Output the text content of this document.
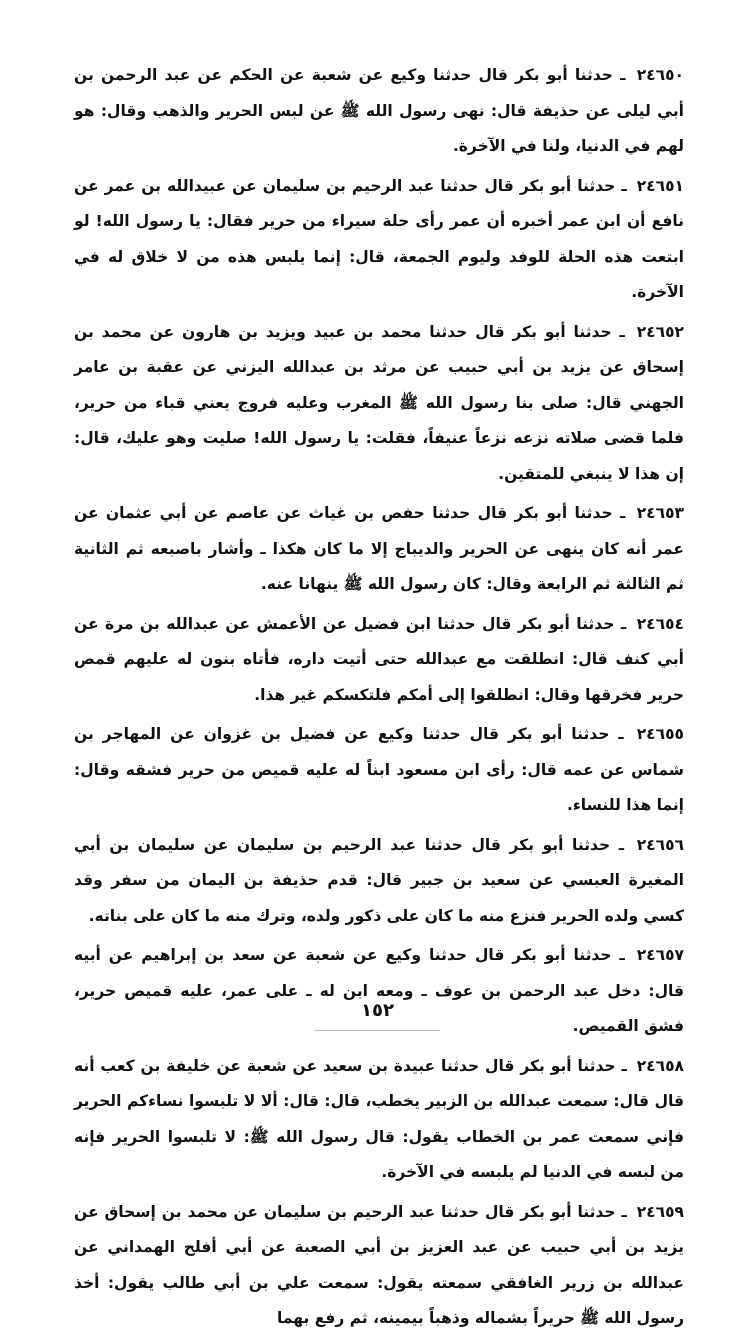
٢٤٦٥٠ ـ حدثنا أبو بكر قال حدثنا وكيع عن شعبة عن الحكم عن عبد الرحمن بن أبي ليلى عن حذيفة قال: نهى رسول الله ﷺ عن لبس الحرير والذهب وقال: هو لهم في الدنيا، ولنا في الآخرة.

٢٤٦٥١ ـ حدثنا أبو بكر قال حدثنا عبد الرحيم بن سليمان عن عبيدالله بن عمر عن نافع أن ابن عمر أخبره أن عمر رأى حلة سيراء من حرير فقال: يا رسول الله! لو ابتعت هذه الحلة للوفد وليوم الجمعة، قال: إنما يلبس هذه من لا خلاق له في الآخرة.

٢٤٦٥٢ ـ حدثنا أبو بكر قال حدثنا محمد بن عبيد ويزيد بن هارون عن محمد بن إسحاق عن يزيد بن أبي حبيب عن مرثد بن عبدالله اليزني عن عقبة بن عامر الجهني قال: صلى بنا رسول الله ﷺ المغرب وعليه فروج يعني قباء من حرير، فلما قضى صلاته نزعه نزعاً عنيفاً، فقلت: يا رسول الله! صليت وهو عليك، قال: إن هذا لا ينبغي للمتقين.

٢٤٦٥٣ ـ حدثنا أبو بكر قال حدثنا حفص بن غياث عن عاصم عن أبي عثمان عن عمر أنه كان ينهى عن الحرير والديباج إلا ما كان هكذا ـ وأشار باصبعه ثم الثانية ثم الثالثة ثم الرابعة وقال: كان رسول الله ﷺ ينهانا عنه.

٢٤٦٥٤ ـ حدثنا أبو بكر قال حدثنا ابن فضيل عن الأعمش عن عبدالله بن مرة عن أبي كنف قال: انطلقت مع عبدالله حتى أتيت داره، فأتاه بنون له عليهم قمص حرير فخرقها وقال: انطلقوا إلى أمكم فلتكسكم غير هذا.

٢٤٦٥٥ ـ حدثنا أبو بكر قال حدثنا وكيع عن فضيل بن غزوان عن المهاجر بن شماس عن عمه قال: رأى ابن مسعود ابناً له عليه قميص من حرير فشقه وقال: إنما هذا للنساء.

٢٤٦٥٦ ـ حدثنا أبو بكر قال حدثنا عبد الرحيم بن سليمان عن سليمان بن أبي المغيرة العبسي عن سعيد بن جبير قال: قدم حذيفة بن اليمان من سفر وقد كسي ولده الحرير فنزع منه ما كان على ذكور ولده، وترك منه ما كان على بناته.

٢٤٦٥٧ ـ حدثنا أبو بكر قال حدثنا وكيع عن شعبة عن سعد بن إبراهيم عن أبيه قال: دخل عبد الرحمن بن عوف ـ ومعه ابن له ـ على عمر، عليه قميص حرير، فشق القميص.

٢٤٦٥٨ ـ حدثنا أبو بكر قال حدثنا عبيدة بن سعيد عن شعبة عن خليفة بن كعب أنه قال قال: سمعت عبدالله بن الزبير يخطب، قال: قال: ألا لا تلبسوا نساءكم الحرير فإني سمعت عمر بن الخطاب يقول: قال رسول الله ﷺ: لا تلبسوا الحرير فإنه من لبسه في الدنيا لم يلبسه في الآخرة.

٢٤٦٥٩ ـ حدثنا أبو بكر قال حدثنا عبد الرحيم بن سليمان عن محمد بن إسحاق عن يزيد بن أبي حبيب عن عبد العزيز بن أبي الصعبة عن أبي أفلح الهمداني عن عبدالله بن زرير الغافقي سمعته يقول: سمعت علي بن أبي طالب يقول: أخذ رسول الله ﷺ حريراً بشماله وذهباً بيمينه، ثم رفع بهما

١٥٢
